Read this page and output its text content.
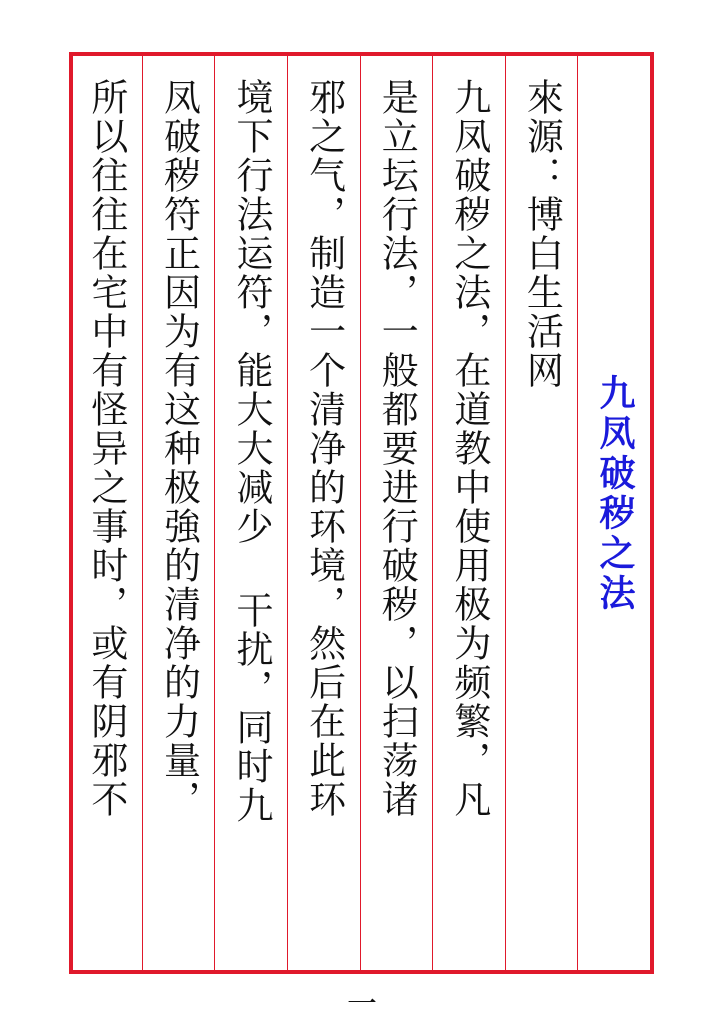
九凤破秽之法
來源：博白生活网
九凤破秽之法，在道教中使用极为频繁，凡
是立坛行法，一般都要进行破秽，以扫荡诸
邪之气，制造一个清净的环境，然后在此环
境下行法运符，能大大减少 干扰，同时九
凤破秽符正因为有这种极強的清净的力量，
所以往往在宅中有怪异之事时，或有阴邪不
一
